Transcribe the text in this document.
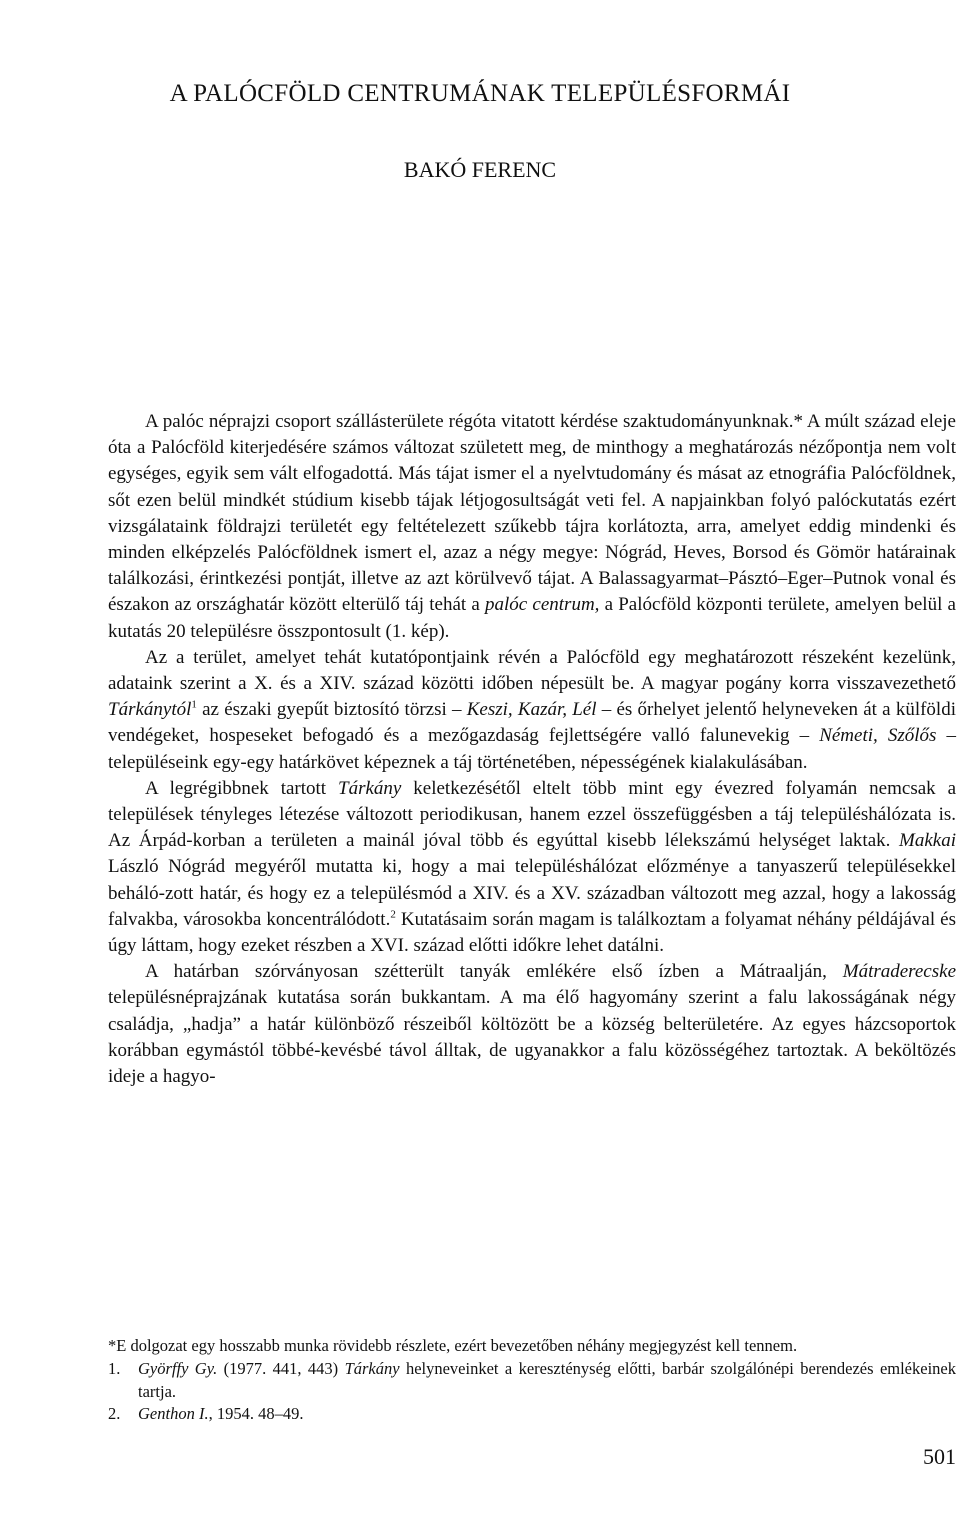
A PALÓCFÖLD CENTRUMÁNAK TELEPÜLÉSFORMÁI
BAKÓ FERENC

A palóc néprajzi csoport szállásterülete régóta vitatott kérdése szaktudományunknak.* A múlt század eleje óta a Palócföld kiterjedésére számos változat született meg, de minthogy a meghatározás nézőpontja nem volt egységes, egyik sem vált elfogadottá. Más tájat ismer el a nyelvtudomány és másat az etnográfia Palócföldnek, sőt ezen belül mindkét stúdium kisebb tájak létjogosultságát veti fel. A napjainkban folyó palóckutatás ezért vizsgálataink földrajzi területét egy feltételezett szűkebb tájra korlátozta, arra, amelyet eddig mindenki és minden elképzelés Palócföldnek ismert el, azaz a négy megye: Nógrád, Heves, Borsod és Gömör határainak találkozási, érintkezési pontját, illetve az azt körülvevő tájat. A Balassagyarmat–Pásztó–Eger–Putnok vonal és északon az országhatár között elterülő táj tehát a palóc centrum, a Palócföld központi területe, amelyen belül a kutatás 20 településre összpontosult (1. kép).

Az a terület, amelyet tehát kutatópontjaink révén a Palócföld egy meghatározott részeként kezelünk, adataink szerint a X. és a XIV. század közötti időben népesült be. A magyar pogány korra visszavezethető Tárkánytól$^1$ az északi gyepűt biztosító törzsi – Keszi, Kazár, Lél – és őrhelyet jelentő helyneveken át a külföldi vendégeket, hospeseket befogadó és a mezőgazdaság fejlettségére valló falunevekig – Németi, Szőlős – településeink egy-egy határkövet képeznek a táj történetében, népességének kialakulásában.

A legrégibbnek tartott Tárkány keletkezésétől eltelt több mint egy évezred folyamán nemcsak a települések tényleges létezése változott periodikusan, hanem ezzel összefüggésben a táj településhálózata is. Az Árpád-korban a területen a mainál jóval több és egyúttal kisebb lélekszámú helységet laktak. Makkai László Nógrád megyéről mutatta ki, hogy a mai településhálózat előzménye a tanyaszerű településekkel beháló-zott határ, és hogy ez a településmód a XIV. és a XV. században változott meg azzal, hogy a lakosság falvakba, városokba koncentrálódott.$^2$ Kutatásaim során magam is találkoztam a folyamat néhány példájával és úgy láttam, hogy ezeket részben a XVI. század előtti időkre lehet datálni.

A határban szórványosan szétterült tanyák emlékére első ízben a Mátraalján, Mátraderecske településnéprajzának kutatása során bukkantam. A ma élő hagyomány szerint a falu lakosságának négy családja, „hadja” a határ különböző részeiből költözött be a község belterületére. Az egyes házcsoportok korábban egymástól többé-kevésbé távol álltak, de ugyanakkor a falu közösségéhez tartoztak. A beköltözés ideje a hagyo-

*E dolgozat egy hosszabb munka rövidebb részlete, ezért bevezetőben néhány megjegyzést kell tennem.
1. Györffy Gy. (1977. 441, 443) Tárkány helyneveinket a kereszténység előtti, barbár szolgálónépi berendezés emlékeinek tartja.
2. Genthon I., 1954. 48–49.
501
